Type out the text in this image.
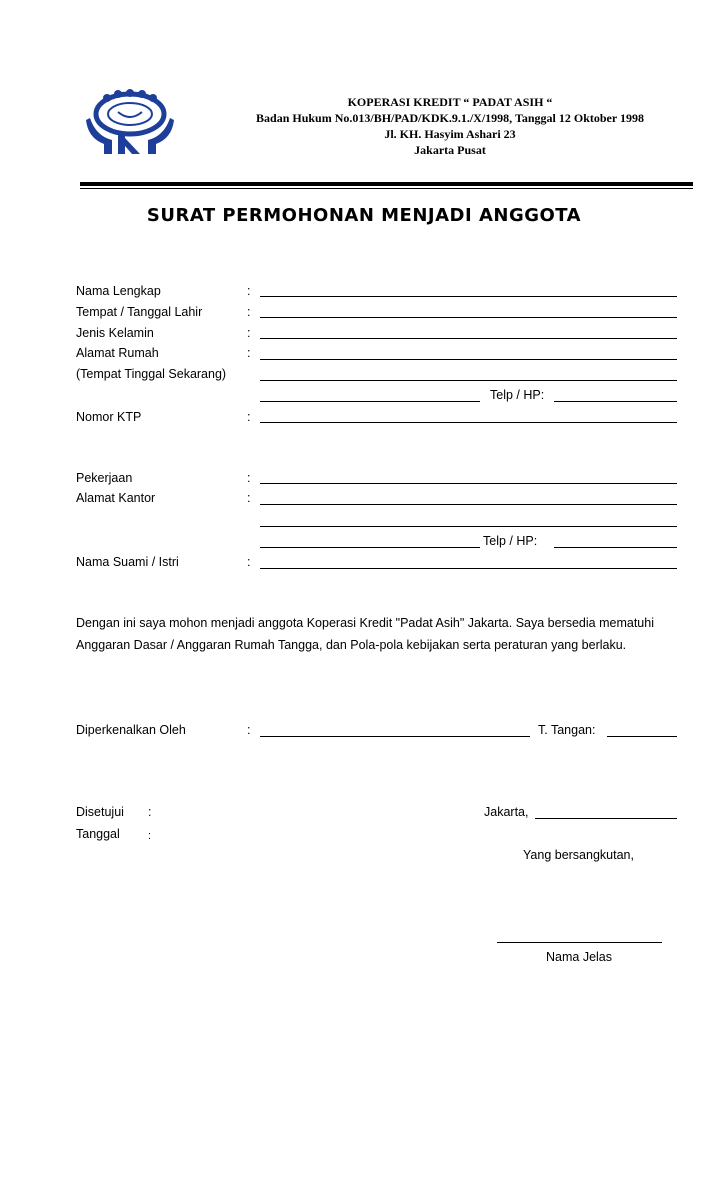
KOPERASI KREDIT “ PADAT ASIH “
Badan Hukum No.013/BH/PAD/KDK.9.1./X/1998, Tanggal 12 Oktober 1998
Jl. KH. Hasyim Ashari 23
Jakarta Pusat
SURAT PERMOHONAN MENJADI ANGGOTA
Nama Lengkap	:
Tempat / Tanggal Lahir	:
Jenis Kelamin	:
Alamat Rumah	:
(Tempat Tinggal Sekarang)
Telp / HP:
Nomor KTP	:
Pekerjaan	:
Alamat Kantor	:
Telp / HP:
Nama Suami / Istri	:
Dengan ini saya mohon menjadi anggota Koperasi Kredit "Padat Asih" Jakarta. Saya bersedia mematuhi Anggaran Dasar / Anggaran Rumah Tangga, dan Pola-pola kebijakan serta peraturan yang berlaku.
Diperkenalkan Oleh	:	T. Tangan:
Disetujui :
Tanggal	:
Jakarta,
Yang bersangkutan,
Nama Jelas
